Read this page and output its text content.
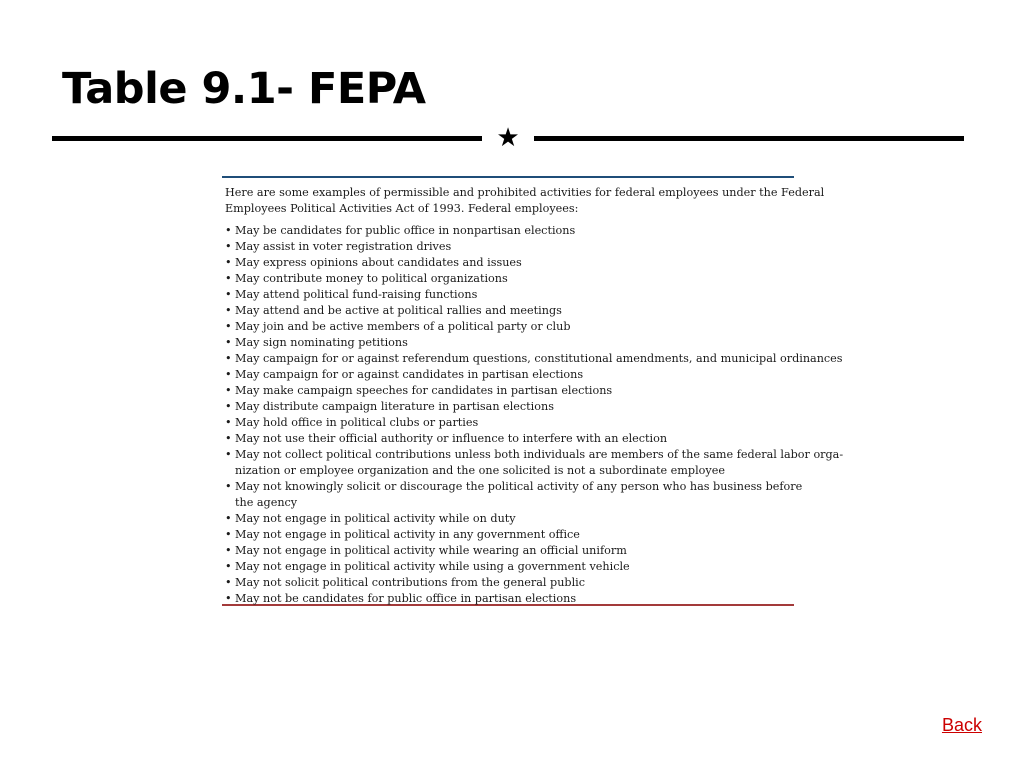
Table 9.1- FEPA
★

Here are some examples of permissible and prohibited activities for federal employees under the Federal
Employees Political Activities Act of 1993. Federal employees:

• May be candidates for public office in nonpartisan elections
• May assist in voter registration drives
• May express opinions about candidates and issues
• May contribute money to political organizations
• May attend political fund-raising functions
• May attend and be active at political rallies and meetings
• May join and be active members of a political party or club
• May sign nominating petitions
• May campaign for or against referendum questions, constitutional amendments, and municipal ordinances
• May campaign for or against candidates in partisan elections
• May make campaign speeches for candidates in partisan elections
• May distribute campaign literature in partisan elections
• May hold office in political clubs or parties
• May not use their official authority or influence to interfere with an election
• May not collect political contributions unless both individuals are members of the same federal labor orga-
nization or employee organization and the one solicited is not a subordinate employee
• May not knowingly solicit or discourage the political activity of any person who has business before
the agency
• May not engage in political activity while on duty
• May not engage in political activity in any government office
• May not engage in political activity while wearing an official uniform
• May not engage in political activity while using a government vehicle
• May not solicit political contributions from the general public
• May not be candidates for public office in partisan elections
Back
